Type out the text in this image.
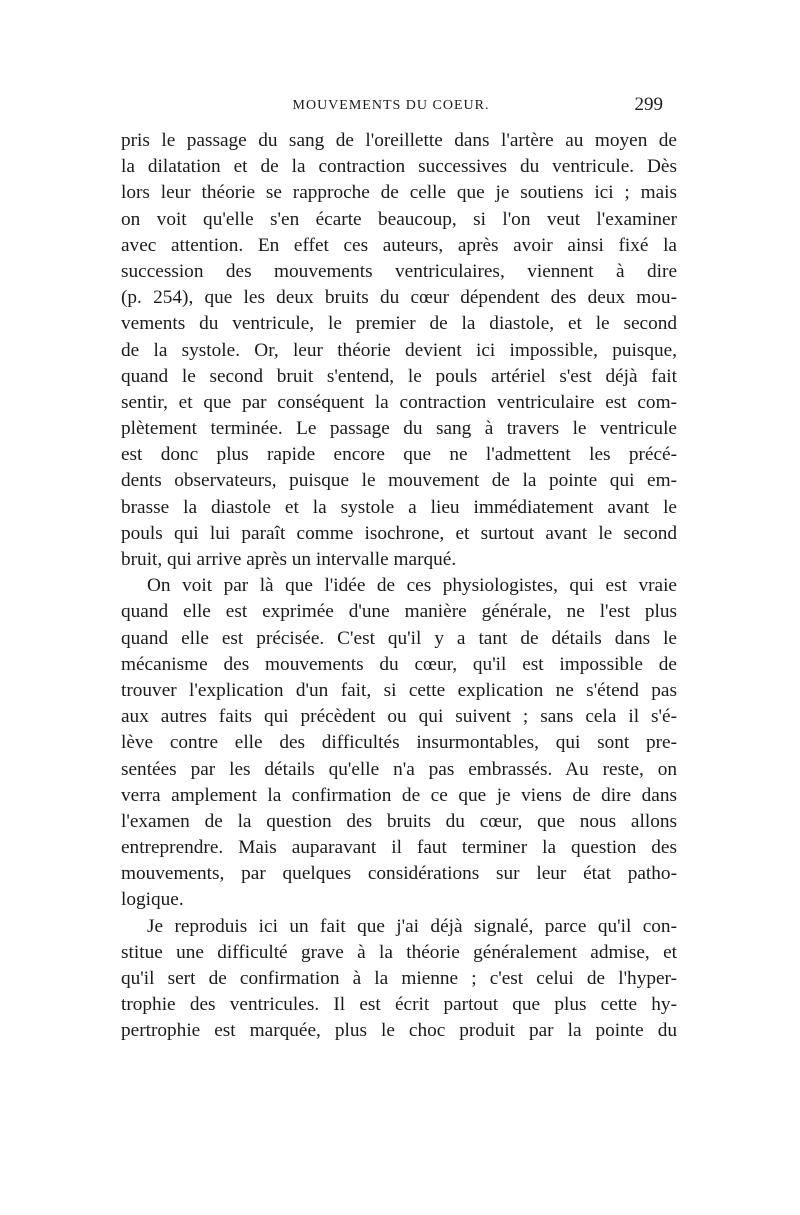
MOUVEMENTS DU COEUR.	299
pris le passage du sang de l'oreillette dans l'artère au moyen de
la dilatation et de la contraction successives du ventricule. Dès
lors leur théorie se rapproche de celle que je soutiens ici ; mais
on voit qu'elle s'en écarte beaucoup, si l'on veut l'examiner
avec attention. En effet ces auteurs, après avoir ainsi fixé la
succession des mouvements ventriculaires, viennent à dire
(p. 254), que les deux bruits du cœur dépendent des deux mou-
vements du ventricule, le premier de la diastole, et le second
de la systole. Or, leur théorie devient ici impossible, puisque,
quand le second bruit s'entend, le pouls artériel s'est déjà fait
sentir, et que par conséquent la contraction ventriculaire est com-
plètement terminée. Le passage du sang à travers le ventricule
est donc plus rapide encore que ne l'admettent les précé-
dents observateurs, puisque le mouvement de la pointe qui em-
brasse la diastole et la systole a lieu immédiatement avant le
pouls qui lui paraît comme isochrone, et surtout avant le second
bruit, qui arrive après un intervalle marqué.
On voit par là que l'idée de ces physiologistes, qui est vraie
quand elle est exprimée d'une manière générale, ne l'est plus
quand elle est précisée. C'est qu'il y a tant de détails dans le
mécanisme des mouvements du cœur, qu'il est impossible de
trouver l'explication d'un fait, si cette explication ne s'étend pas
aux autres faits qui précèdent ou qui suivent ; sans cela il s'é-
lève contre elle des difficultés insurmontables, qui sont pre-
sentées par les détails qu'elle n'a pas embrassés. Au reste, on
verra amplement la confirmation de ce que je viens de dire dans
l'examen de la question des bruits du cœur, que nous allons
entreprendre. Mais auparavant il faut terminer la question des
mouvements, par quelques considérations sur leur état patho-
logique.
Je reproduis ici un fait que j'ai déjà signalé, parce qu'il con-
stitue une difficulté grave à la théorie généralement admise, et
qu'il sert de confirmation à la mienne ; c'est celui de l'hyper-
trophie des ventricules. Il est écrit partout que plus cette hy-
pertrophie est marquée, plus le choc produit par la pointe du
